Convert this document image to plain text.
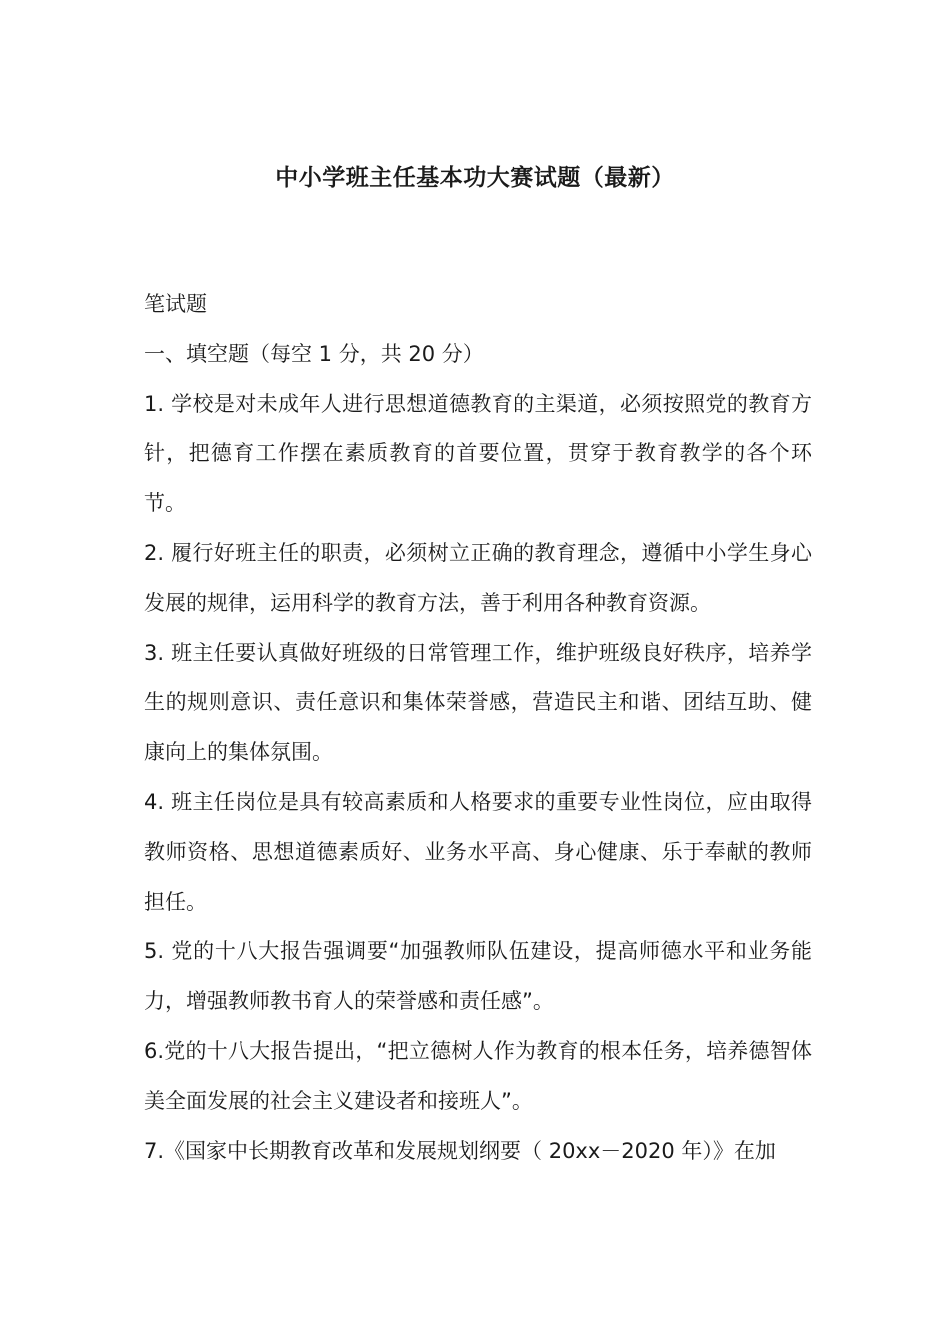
中小学班主任基本功大赛试题（最新）

笔试题

一、填空题（每空 1 分，共 20 分）

1. 学校是对未成年人进行思想道德教育的主渠道，必须按照党的教育方针，把德育工作摆在素质教育的首要位置，贯穿于教育教学的各个环节。

2. 履行好班主任的职责，必须树立正确的教育理念，遵循中小学生身心发展的规律，运用科学的教育方法，善于利用各种教育资源。

3. 班主任要认真做好班级的日常管理工作，维护班级良好秩序，培养学生的规则意识、责任意识和集体荣誉感，营造民主和谐、团结互助、健康向上的集体氛围。

4. 班主任岗位是具有较高素质和人格要求的重要专业性岗位，应由取得教师资格、思想道德素质好、业务水平高、身心健康、乐于奉献的教师担任。

5. 党的十八大报告强调要“加强教师队伍建设，提高师德水平和业务能力，增强教师教书育人的荣誉感和责任感”。

6.党的十八大报告提出，“把立德树人作为教育的根本任务，培养德智体美全面发展的社会主义建设者和接班人”。

7.《国家中长期教育改革和发展规划纲要（ 20xx－2020 年）》在加
